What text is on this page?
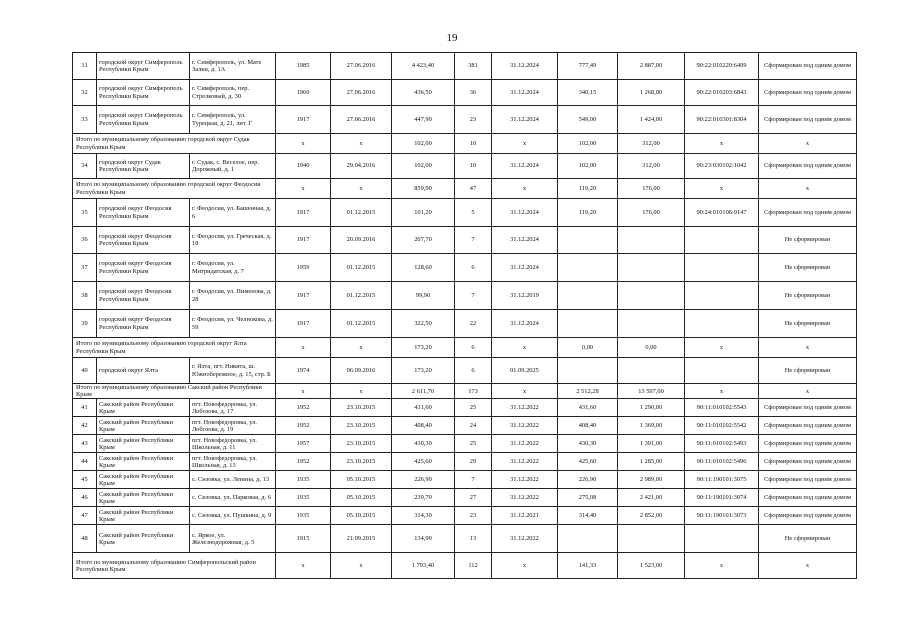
19
31	городской округ Симферополь Республики Крым	г. Симферополь, ул. Мате Залки, д. 1А	1985	27.06.2016	4 423,40	381	31.12.2024	777,49	2 887,00	90:22:010220:6499	Сформирован под одним домом
32	городской округ Симферополь Республики Крым	г. Симферополь, пер. Стрелковый, д. 30	1960	27.06.2016	436,50	36	31.12.2024	340,15	1 268,00	90:22:010203:6843	Сформирован под одним домом
33	городской округ Симферополь Республики Крым	г. Симферополь, ул. Турецкая, д. 21, лит. Г	1917	27.06.2016	447,90	23	31.12.2024	549,00	1 424,00	90:22:010301:8304	Сформирован под одним домом
Итого по муниципальному образованию городской округ Судак Республики Крым			x	x	102,00	10	x	102,00	312,00	x	x
34	городской округ Судак Республики Крым	г. Судак, с. Веселое, пер. Дорожный, д. 1	1940	29.04.2016	102,00	10	31.12.2024	102,00	312,00	90:23:030102:1042	Сформирован под одним домом
Итого по муниципальному образованию городской округ Феодосия Республики Крым			x	x	859,90	47	x	119,20	176,00	x	x
35	городской округ Феодосия Республики Крым	г. Феодосия, ул. Башенная, д. 6	1917	01.12.2015	101,20	5	31.12.2024	119,20	176,00	90:24:010106:9147	Сформирован под одним домом
36	городской округ Феодосия Республики Крым	г. Феодосия, ул. Греческая, д. 18	1917	20.09.2016	207,70	7	31.12.2024				Не сформирован
37	городской округ Феодосия Республики Крым	г. Феодосия, ул. Митридатская, д. 7	1959	01.12.2015	128,60	6	31.12.2024				Не сформирован
38	городской округ Феодосия Республики Крым	г. Феодосия, ул. Пименова, д. 28	1917	01.12.2015	99,90	7	31.12.2019				Не сформирован
39	городской округ Феодосия Республики Крым	г. Феодосия, ул. Челнокова, д. 59	1917	01.12.2015	322,50	22	31.12.2024				Не сформирован
Итого по муниципальному образованию городской округ Ялта Республики Крым			x	x	173,20	6	x	0,00	0,00	x	x
40	городской округ Ялта	г. Ялта, пгт. Никита, ш. Южнобережное, д. 15, стр. Б	1974	06.09.2016	173,20	6	01.09.2025				Не сформирован
Итого по муниципальному образованию Сакский район Республики Крым			x	x	2 611,70	173	x	2 512,28	13 597,00	x	x
41	Сакский район Республики Крым	пгт. Новофедоровка, ул. Лобозова, д. 17	1952	23.10.2015	431,60	25	31.12.2022	431,60	1 290,00	90:11:010102:5543	Сформирован под одним домом
42	Сакский район Республики Крым	пгт. Новофедоровка, ул. Лобозова, д. 19	1952	23.10.2015	408,40	24	31.12.2022	408,40	1 369,00	90:11:010102:5542	Сформирован под одним домом
43	Сакский район Республики Крым	пгт. Новофедоровка, ул. Школьная, д. 11	1957	23.10.2015	430,30	25	31.12.2022	430,30	1 391,00	90:11:010102:5493	Сформирован под одним домом
44	Сакский район Республики Крым	пгт. Новофедоровка, ул. Школьная, д. 13	1952	23.10.2015	425,60	29	31.12.2022	425,60	1 285,00	90:11:010102:5496	Сформирован под одним домом
45	Сакский район Республики Крым	с. Сизовка, ул. Ленина, д. 13	1935	05.10.2015	226,90	7	31.12.2022	226,90	2 989,00	90:11:190101:3075	Сформирован под одним домом
46	Сакский район Республики Крым	с. Сизовка, ул. Парковая, д. 6	1935	05.10.2015	239,70	27	31.12.2022	275,08	2 421,00	90:11:190101:3074	Сформирован под одним домом
47	Сакский район Республики Крым	с. Сизовка, ул. Пушкина, д. 9	1935	05.10.2015	314,30	23	31.12.2021	314,40	2 852,00	90:11:190101:3073	Сформирован под одним домом
48	Сакский район Республики Крым	с. Яркое, ул. Железнодорожная, д. 5	1915	21.09.2015	134,90	13	31.12.2022				Не сформирован
Итого по муниципальному образованию Симферопольский район Республики Крым			x	x	1 793,40	112	x	141,33	1 523,00	x	x
